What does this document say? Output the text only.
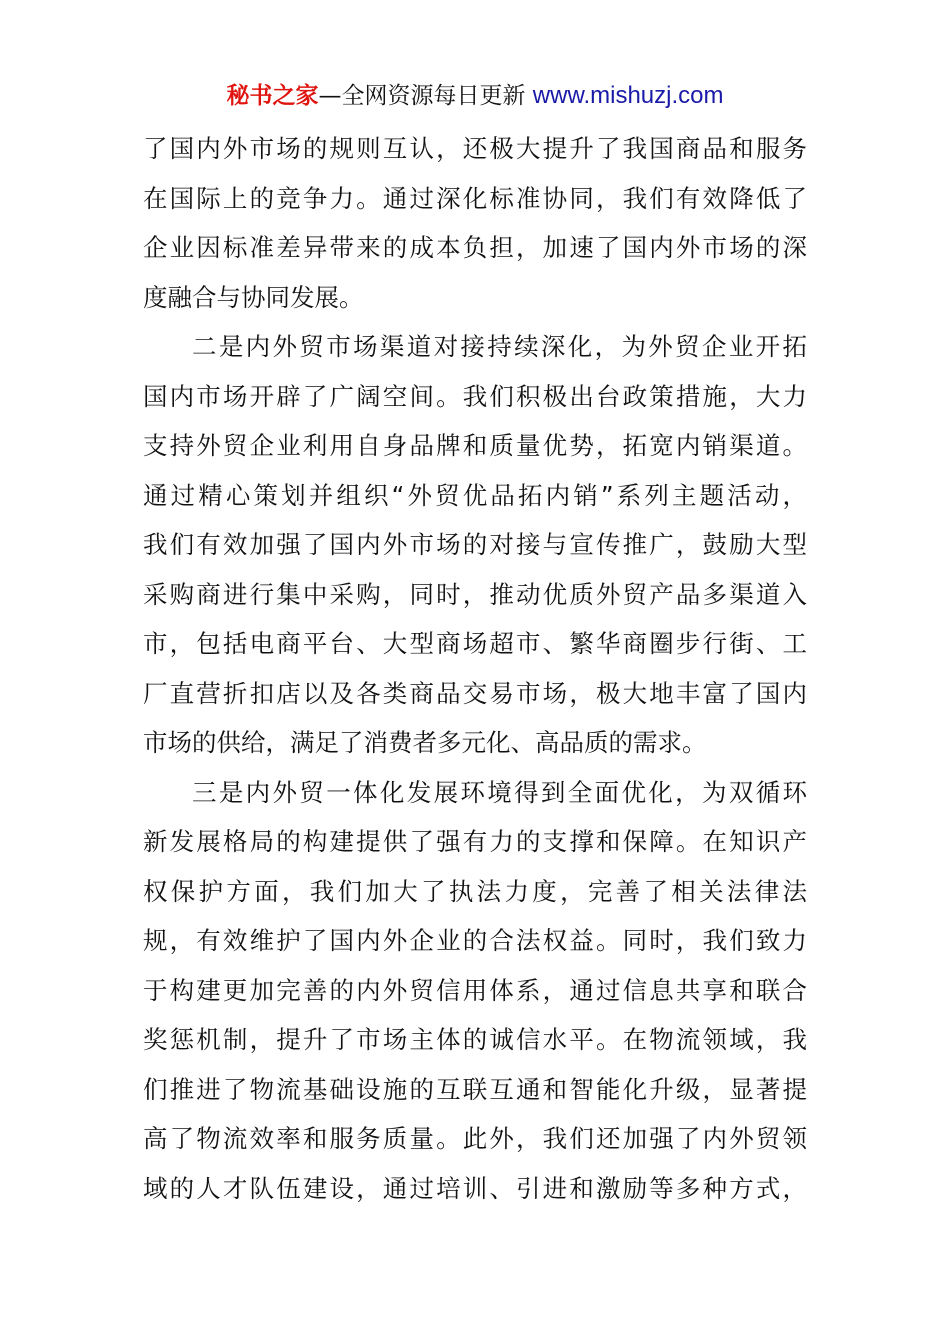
秘书之家—全网资源每日更新 www.mishuzj.com
了国内外市场的规则互认，还极大提升了我国商品和服务
在国际上的竞争力。通过深化标准协同，我们有效降低了
企业因标准差异带来的成本负担，加速了国内外市场的深
度融合与协同发展。
二是内外贸市场渠道对接持续深化，为外贸企业开拓
国内市场开辟了广阔空间。我们积极出台政策措施，大力
支持外贸企业利用自身品牌和质量优势，拓宽内销渠道。
通过精心策划并组织“外贸优品拓内销”系列主题活动，
我们有效加强了国内外市场的对接与宣传推广，鼓励大型
采购商进行集中采购，同时，推动优质外贸产品多渠道入
市，包括电商平台、大型商场超市、繁华商圈步行街、工
厂直营折扣店以及各类商品交易市场，极大地丰富了国内
市场的供给，满足了消费者多元化、高品质的需求。
三是内外贸一体化发展环境得到全面优化，为双循环
新发展格局的构建提供了强有力的支撑和保障。在知识产
权保护方面，我们加大了执法力度，完善了相关法律法
规，有效维护了国内外企业的合法权益。同时，我们致力
于构建更加完善的内外贸信用体系，通过信息共享和联合
奖惩机制，提升了市场主体的诚信水平。在物流领域，我
们推进了物流基础设施的互联互通和智能化升级，显著提
高了物流效率和服务质量。此外，我们还加强了内外贸领
域的人才队伍建设，通过培训、引进和激励等多种方式，
